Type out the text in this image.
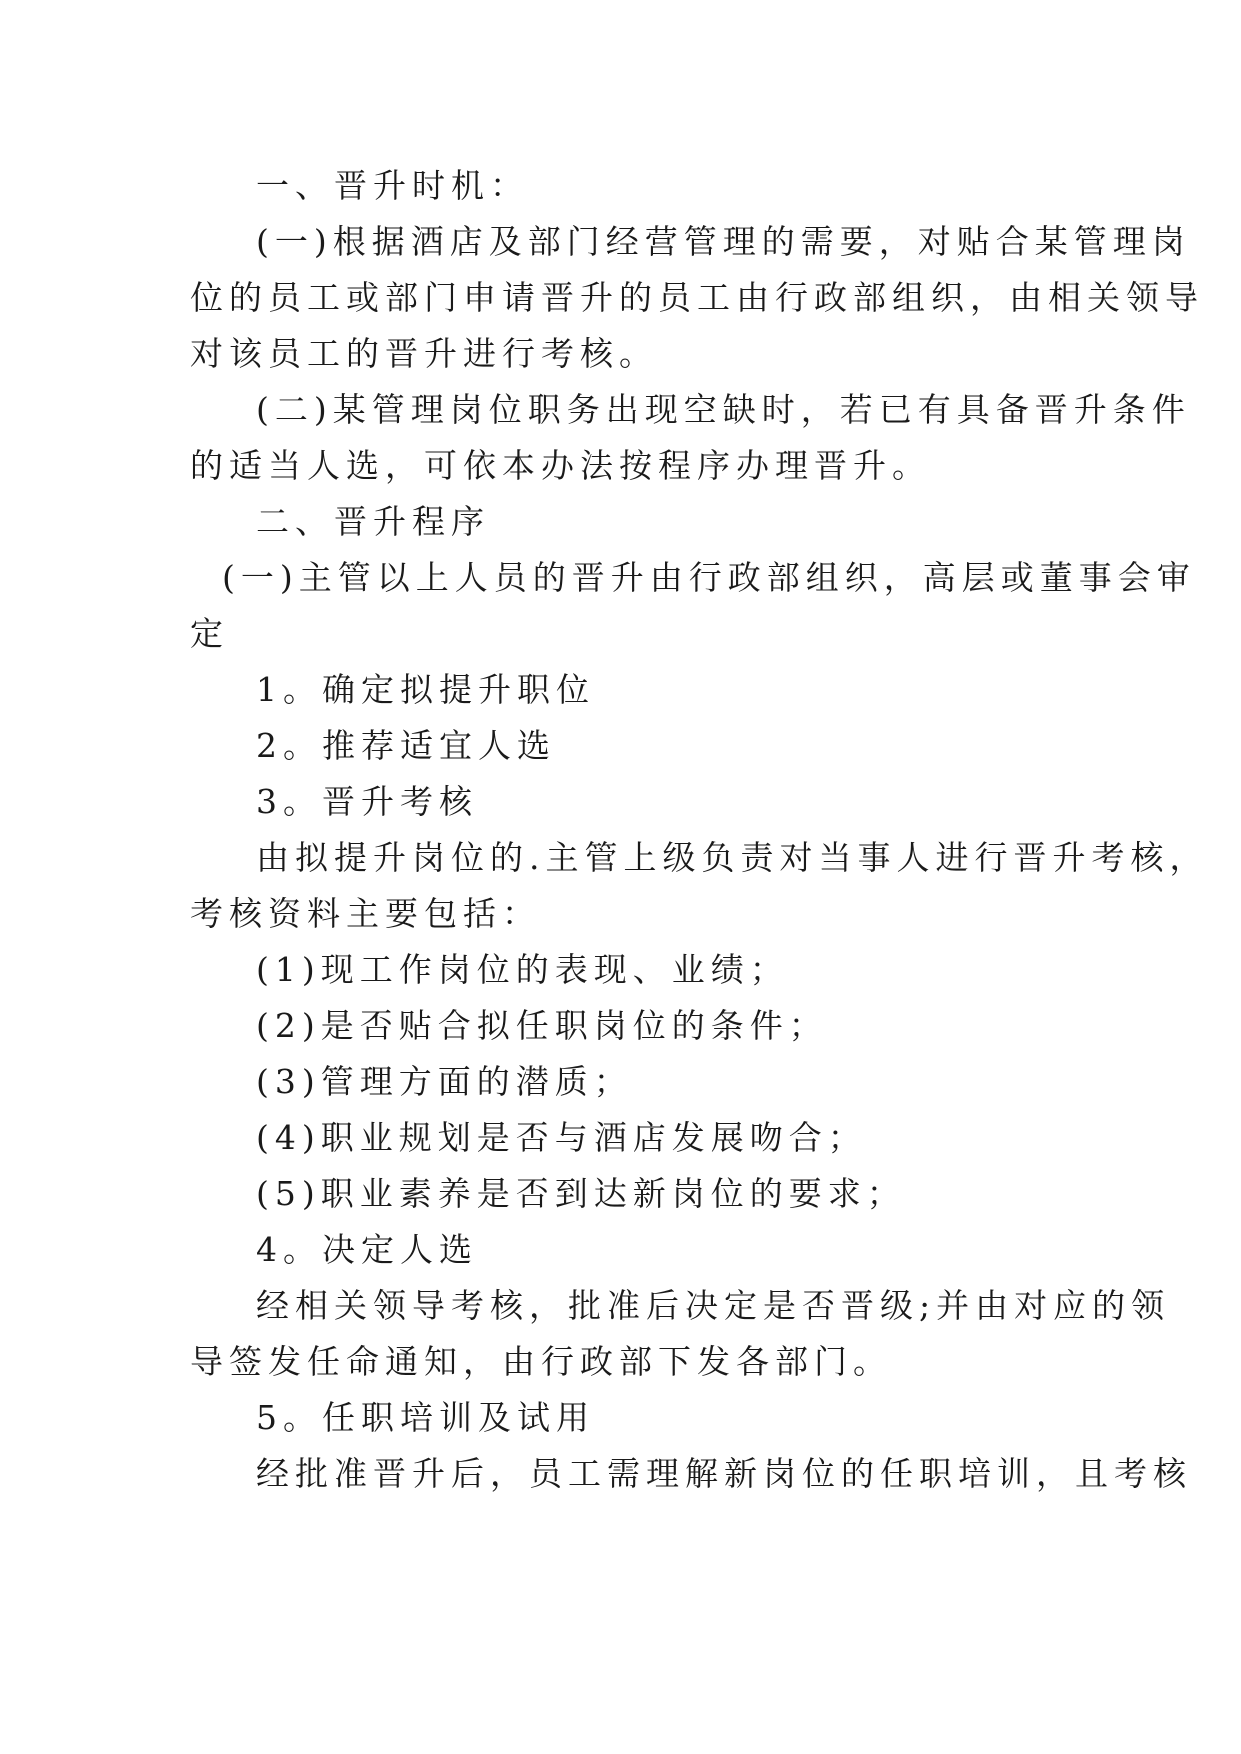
一、晋升时机：

(一)根据酒店及部门经营管理的需要，对贴合某管理岗

位的员工或部门申请晋升的员工由行政部组织，由相关领导

对该员工的晋升进行考核。

(二)某管理岗位职务出现空缺时，若已有具备晋升条件

的适当人选，可依本办法按程序办理晋升。

二、晋升程序

(一)主管以上人员的晋升由行政部组织，高层或董事会审

定

1。确定拟提升职位

2。推荐适宜人选

3。晋升考核

由拟提升岗位的.主管上级负责对当事人进行晋升考核，

考核资料主要包括：

(1)现工作岗位的表现、业绩；

(2)是否贴合拟任职岗位的条件；

(3)管理方面的潜质；

(4)职业规划是否与酒店发展吻合；

(5)职业素养是否到达新岗位的要求；

4。决定人选

经相关领导考核，批准后决定是否晋级;并由对应的领

导签发任命通知，由行政部下发各部门。

5。任职培训及试用

经批准晋升后，员工需理解新岗位的任职培训，且考核
